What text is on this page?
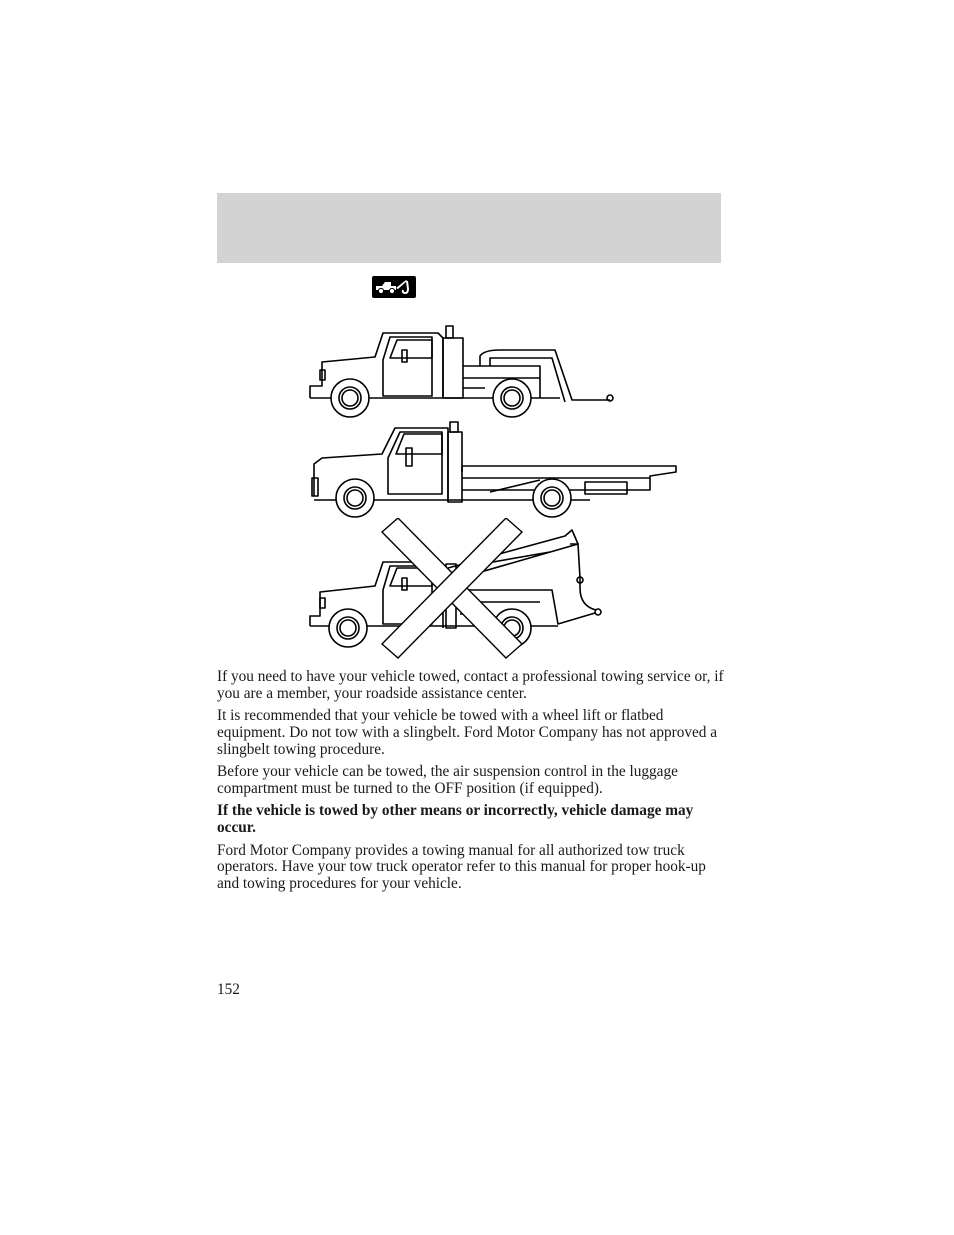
If you need to have your vehicle towed, contact a professional towing service or, if you are a member, your roadside assistance center.

It is recommended that your vehicle be towed with a wheel lift or flatbed equipment. Do not tow with a slingbelt. Ford Motor Company has not approved a slingbelt towing procedure.

Before your vehicle can be towed, the air suspension control in the luggage compartment must be turned to the OFF position (if equipped).

If the vehicle is towed by other means or incorrectly, vehicle damage may occur.

Ford Motor Company provides a towing manual for all authorized tow truck operators. Have your tow truck operator refer to this manual for proper hook-up and towing procedures for your vehicle.

152
